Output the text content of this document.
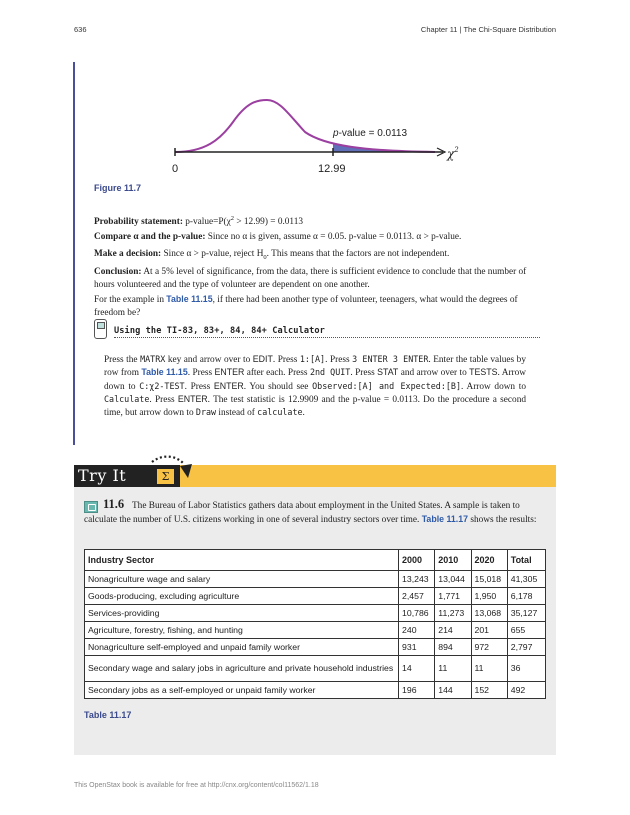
636	Chapter 11 | The Chi-Square Distribution
0	12.99
p-value = 0.0113
$\chi^2$
Figure 11.7

Probability statement: $p-value=P(\chi^2 > 12.99) = 0.0113$

Compare α and the p-value: Since no α is given, assume α = 0.05. p-value = 0.0113. α > p-value.

Make a decision: Since α > p-value, reject $H_0$. This means that the factors are not independent.

Conclusion: At a 5% level of significance, from the data, there is sufficient evidence to conclude that the number of hours volunteered and the type of volunteer are dependent on one another.

For the example in Table 11.15, if there had been another type of volunteer, teenagers, what would the degrees of freedom be?

Using the TI-83, 83+, 84, 84+ Calculator

Press the MATRX key and arrow over to EDIT. Press 1:[A]. Press 3 ENTER 3 ENTER. Enter the table values by row from Table 11.15. Press ENTER after each. Press 2nd QUIT. Press STAT and arrow over to TESTS. Arrow down to C:χ2-TEST. Press ENTER. You should see Observed:[A] and Expected:[B]. Arrow down to Calculate. Press ENTER. The test statistic is 12.9909 and the p-value = 0.0113. Do the procedure a second time, but arrow down to Draw instead of calculate.

Try It	Σ
11.6 The Bureau of Labor Statistics gathers data about employment in the United States. A sample is taken to calculate the number of U.S. citizens working in one of several industry sectors over time. Table 11.17 shows the results:

Industry Sector	2000	2010	2020	Total
Nonagriculture wage and salary	13,243	13,044	15,018	41,305
Goods-producing, excluding agriculture	2,457	1,771	1,950	6,178
Services-providing	10,786	11,273	13,068	35,127
Agriculture, forestry, fishing, and hunting	240	214	201	655
Nonagriculture self-employed and unpaid family worker	931	894	972	2,797
Secondary wage and salary jobs in agriculture and private household industries	14	11	11	36
Secondary jobs as a self-employed or unpaid family worker	196	144	152	492
Table 11.17
This OpenStax book is available for free at http://cnx.org/content/col11562/1.18
